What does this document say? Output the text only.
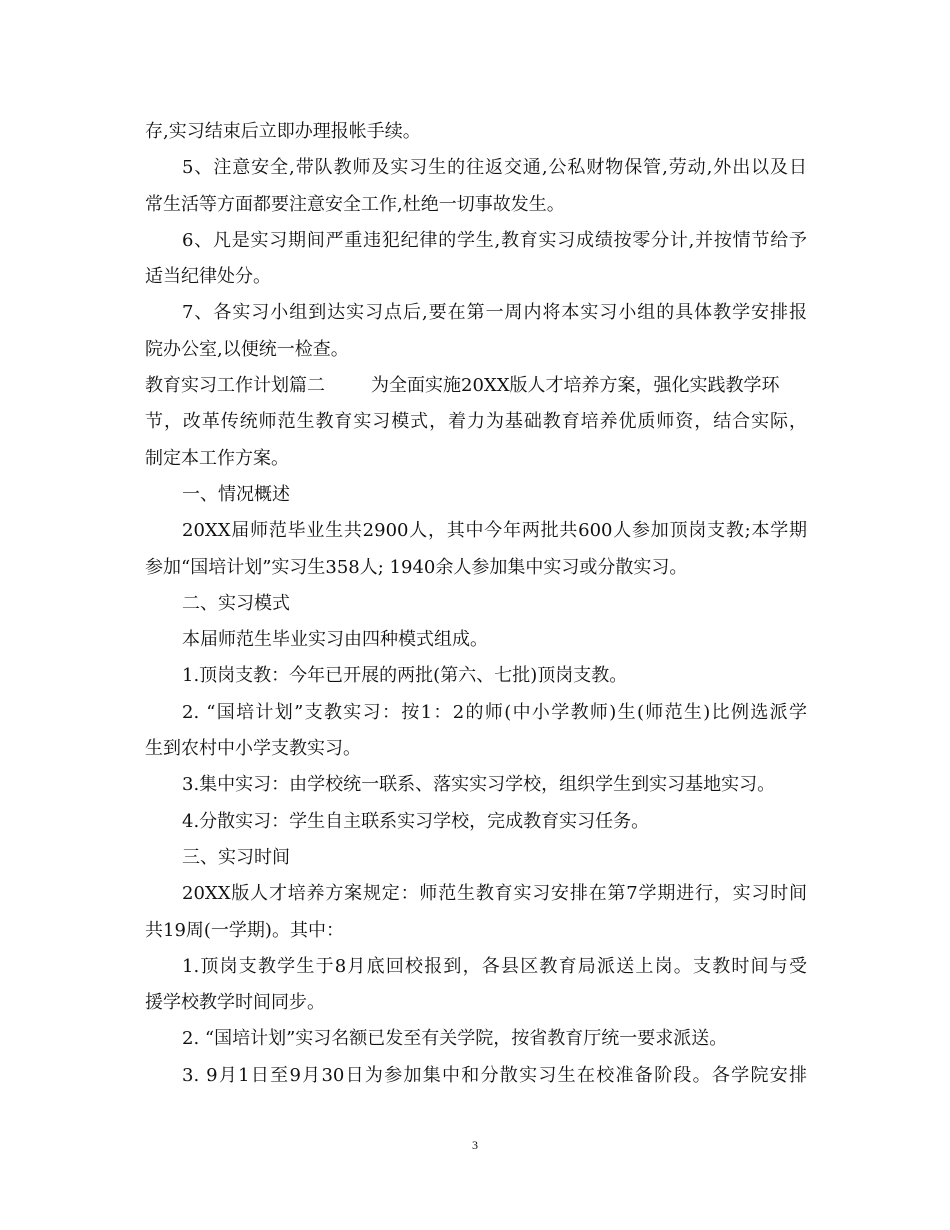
存,实习结束后立即办理报帐手续。
5、注意安全,带队教师及实习生的往返交通,公私财物保管,劳动,外出以及日
常生活等方面都要注意安全工作,杜绝一切事故发生。
6、凡是实习期间严重违犯纪律的学生,教育实习成绩按零分计,并按情节给予
适当纪律处分。
7、各实习小组到达实习点后,要在第一周内将本实习小组的具体教学安排报
院办公室,以便统一检查。
教育实习工作计划篇二	为全面实施20XX版人才培养方案，强化实践教学环
节，改革传统师范生教育实习模式，着力为基础教育培养优质师资，结合实际，
制定本工作方案。
一、情况概述
20XX届师范毕业生共2900人，其中今年两批共600人参加顶岗支教;本学期
参加“国培计划”实习生358人; 1940余人参加集中实习或分散实习。
二、实习模式
本届师范生毕业实习由四种模式组成。
1.顶岗支教：今年已开展的两批(第六、七批)顶岗支教。
2. “国培计划”支教实习：按1：2的师(中小学教师)生(师范生)比例选派学
生到农村中小学支教实习。
3.集中实习：由学校统一联系、落实实习学校，组织学生到实习基地实习。
4.分散实习：学生自主联系实习学校，完成教育实习任务。
三、实习时间
20XX版人才培养方案规定：师范生教育实习安排在第7学期进行，实习时间
共19周(一学期)。其中：
1.顶岗支教学生于8月底回校报到，各县区教育局派送上岗。支教时间与受
援学校教学时间同步。
2. “国培计划”实习名额已发至有关学院，按省教育厅统一要求派送。
3. 9月1日至9月30日为参加集中和分散实习生在校准备阶段。各学院安排
3
